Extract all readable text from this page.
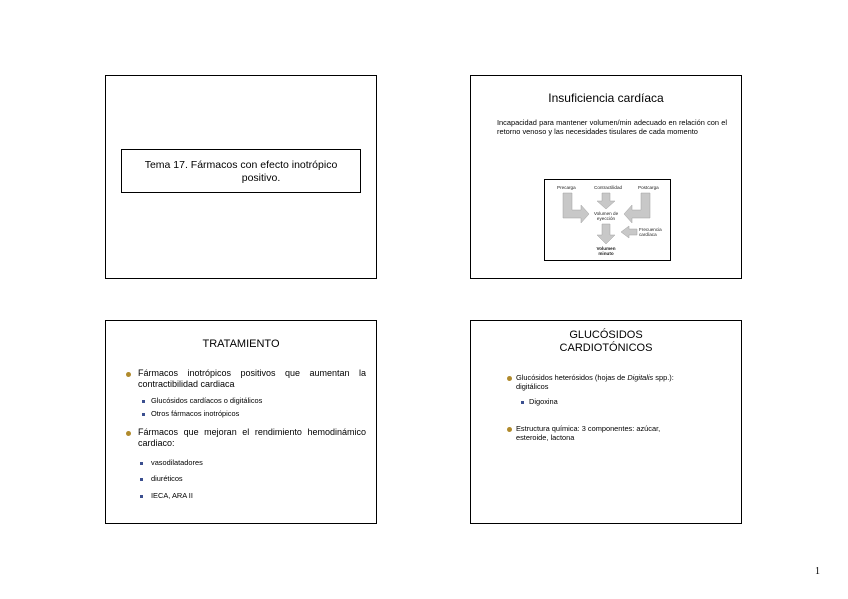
Tema 17. Fármacos con efecto inotrópico
positivo.
Insuficiencia cardíaca
Incapacidad para mantener volumen/min adecuado en relación con el retorno venoso y las necesidades tisulares de cada momento
Precarga	Contractilidad	Postcarga
Volumen de
eyección
Frecuencia
cardíaca
Volumen
minuto
TRATAMIENTO
Fármacos inotrópicos positivos que aumentan la contractibilidad cardiaca
Glucósidos cardíacos o digitálicos
Otros fármacos inotrópicos
Fármacos que mejoran el rendimiento hemodinámico cardiaco:
vasodilatadores
diuréticos
IECA, ARA II
GLUCÓSIDOS
CARDIOTÓNICOS
Glucósidos heterósidos (hojas de Digitalis spp.):
digitálicos
Digoxina
Estructura química: 3 componentes: azúcar,
esteroide, lactona
1
